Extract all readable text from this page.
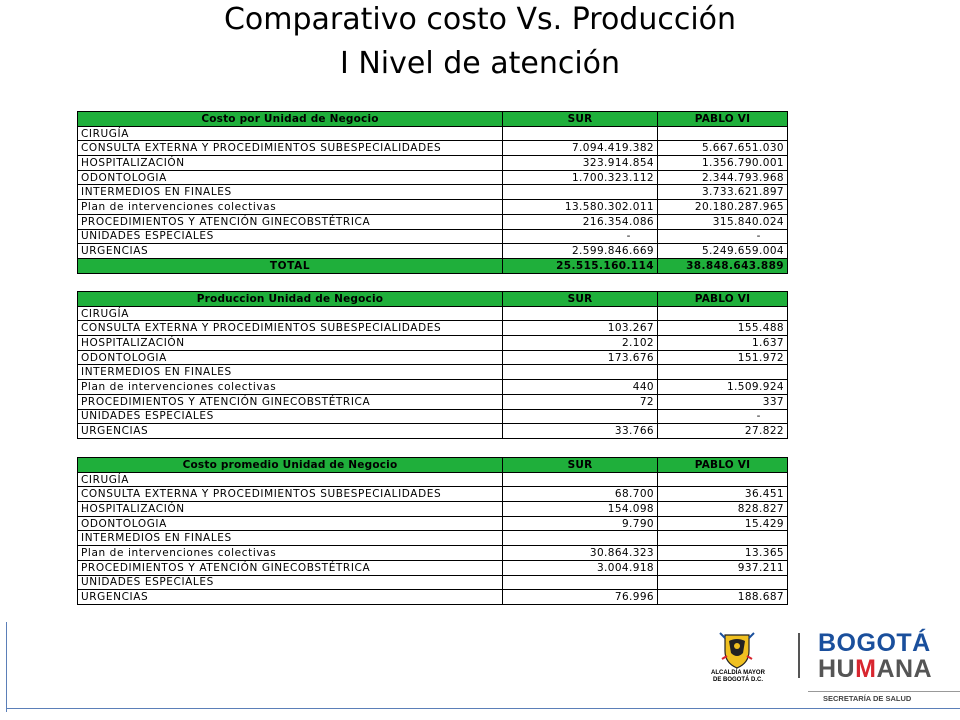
Comparativo costo Vs. Producción
I Nivel de atención
Costo por Unidad de Negocio	SUR	PABLO VI
CIRUGÍA		
CONSULTA EXTERNA Y PROCEDIMIENTOS SUBESPECIALIDADES	7.094.419.382	5.667.651.030
HOSPITALIZACIÓN	323.914.854	1.356.790.001
ODONTOLOGIA	1.700.323.112	2.344.793.968
INTERMEDIOS EN FINALES		3.733.621.897
Plan de intervenciones colectivas	13.580.302.011	20.180.287.965
PROCEDIMIENTOS Y ATENCIÓN GINECOBSTÉTRICA	216.354.086	315.840.024
UNIDADES ESPECIALES	-	-
URGENCIAS	2.599.846.669	5.249.659.004
TOTAL	25.515.160.114	38.848.643.889
Produccion Unidad de Negocio	SUR	PABLO VI
CIRUGÍA		
CONSULTA EXTERNA Y PROCEDIMIENTOS SUBESPECIALIDADES	103.267	155.488
HOSPITALIZACIÓN	2.102	1.637
ODONTOLOGIA	173.676	151.972
INTERMEDIOS EN FINALES		
Plan de intervenciones colectivas	440	1.509.924
PROCEDIMIENTOS Y ATENCIÓN GINECOBSTÉTRICA	72	337
UNIDADES ESPECIALES		-
URGENCIAS	33.766	27.822
Costo promedio Unidad de Negocio	SUR	PABLO VI
CIRUGÍA		
CONSULTA EXTERNA Y PROCEDIMIENTOS SUBESPECIALIDADES	68.700	36.451
HOSPITALIZACIÓN	154.098	828.827
ODONTOLOGIA	9.790	15.429
INTERMEDIOS EN FINALES		
Plan de intervenciones colectivas	30.864.323	13.365
PROCEDIMIENTOS Y ATENCIÓN GINECOBSTÉTRICA	3.004.918	937.211
UNIDADES ESPECIALES		
URGENCIAS	76.996	188.687
ALCALDÍA MAYOR
DE BOGOTÁ D.C.
BOGOTÁ
HUMANA
SECRETARÍA DE SALUD
